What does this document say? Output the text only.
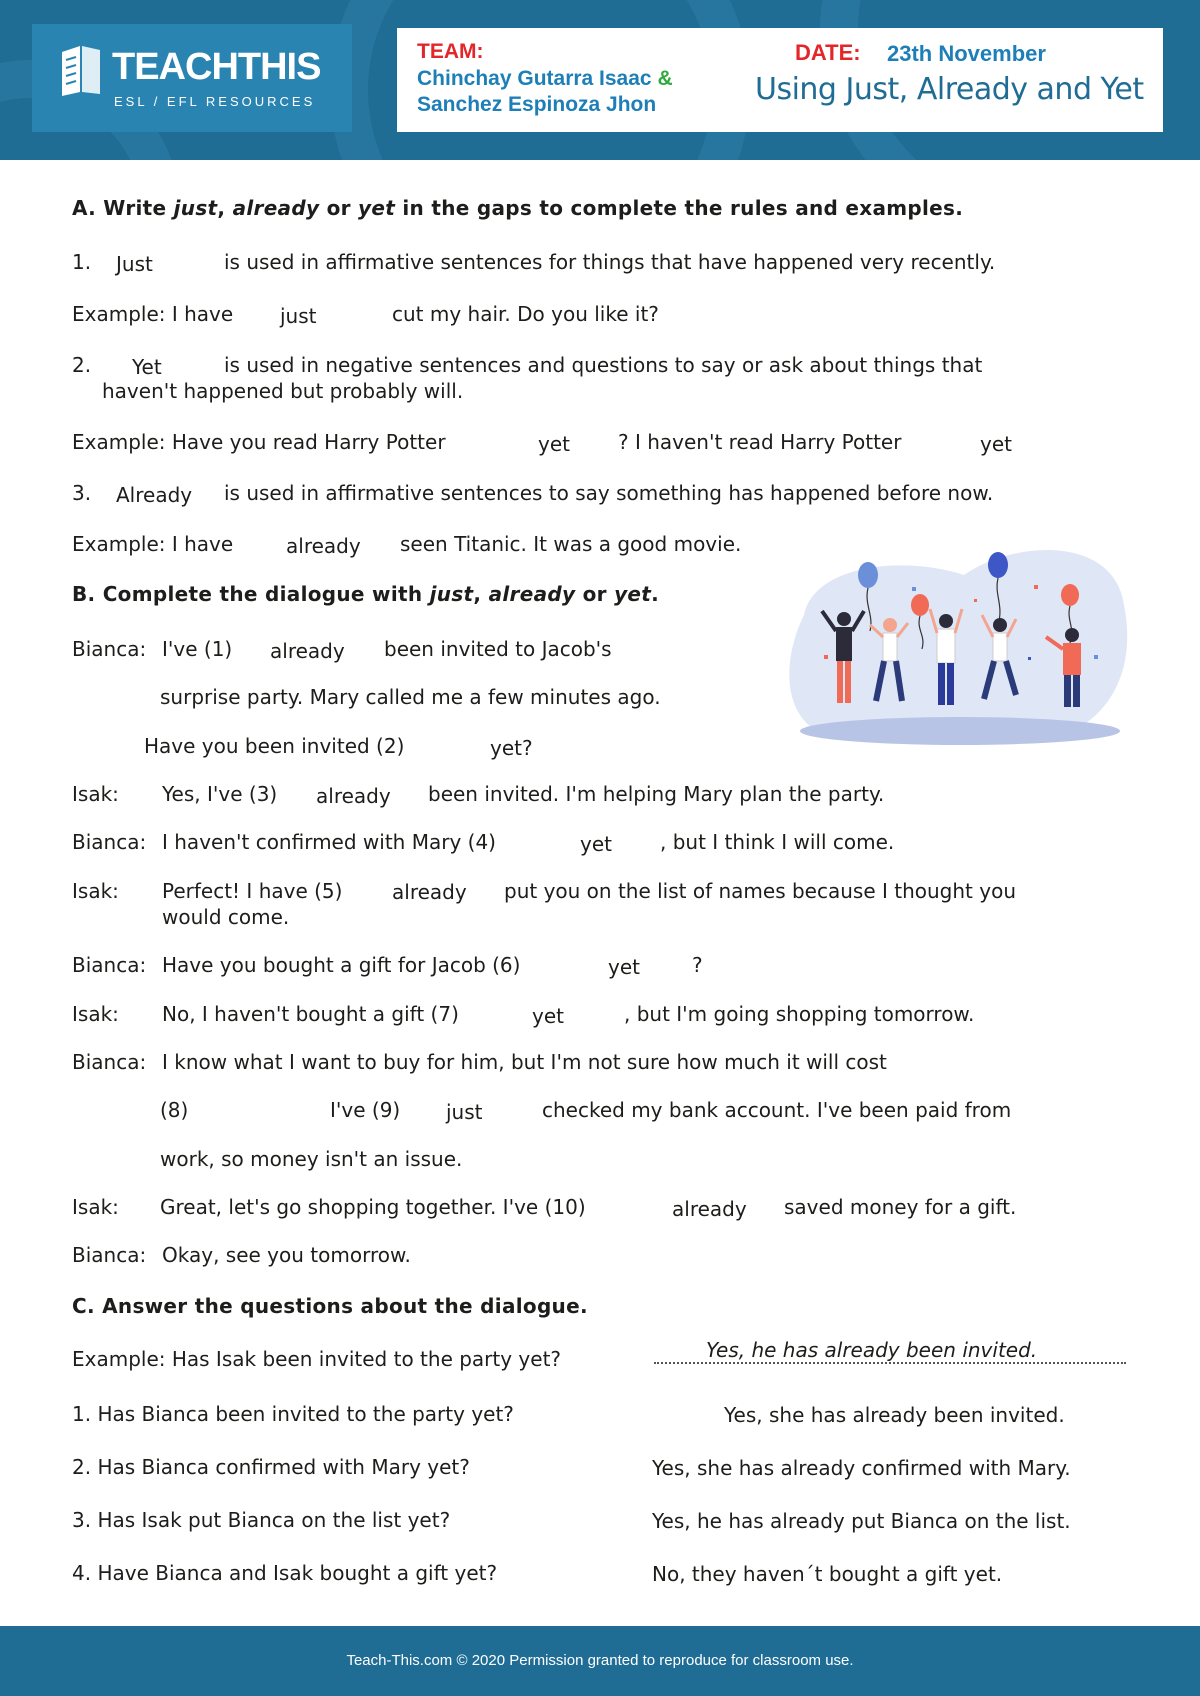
TEACHTHIS
ESL / EFL RESOURCES
TEAM:
Chinchay Gutarra Isaac &
Sanchez Espinoza Jhon
DATE: 23th November
Using Just, Already and Yet
A. Write just, already or yet in the gaps to complete the rules and examples.
1. Just	is used in affirmative sentences for things that have happened very recently.
Example: I have just	cut my hair. Do you like it?
2. Yet	is used in negative sentences and questions to say or ask about things that
haven't happened but probably will.
Example: Have you read Harry Potter	yet ? I haven't read Harry Potter	yet
3. Already is used in affirmative sentences to say something has happened before now.
Example: I have	already seen Titanic. It was a good movie.
B. Complete the dialogue with just, already or yet.
Bianca: I've (1) already been invited to Jacob's
surprise party. Mary called me a few minutes ago.
Have you been invited (2)	yet?
Isak: Yes, I've (3) already been invited. I'm helping Mary plan the party.
Bianca: I haven't confirmed with Mary (4)	yet , but I think I will come.
Isak: Perfect! I have (5) already put you on the list of names because I thought you
would come.
Bianca: Have you bought a gift for Jacob (6)	yet	?
Isak: No, I haven't bought a gift (7)	yet	, but I'm going shopping tomorrow.
Bianca: I know what I want to buy for him, but I'm not sure how much it will cost
(8)	I've (9) just	checked my bank account. I've been paid from
work, so money isn't an issue.
Isak: Great, let's go shopping together. I've (10)	already saved money for a gift.
Bianca: Okay, see you tomorrow.
C. Answer the questions about the dialogue.
Example: Has Isak been invited to the party yet?	Yes, he has already been invited.
1. Has Bianca been invited to the party yet?	Yes, she has already been invited.
2. Has Bianca confirmed with Mary yet?	Yes, she has already confirmed with Mary.
3. Has Isak put Bianca on the list yet?	Yes, he has already put Bianca on the list.
4. Have Bianca and Isak bought a gift yet?	No, they haven´t bought a gift yet.
Teach-This.com © 2020 Permission granted to reproduce for classroom use.
